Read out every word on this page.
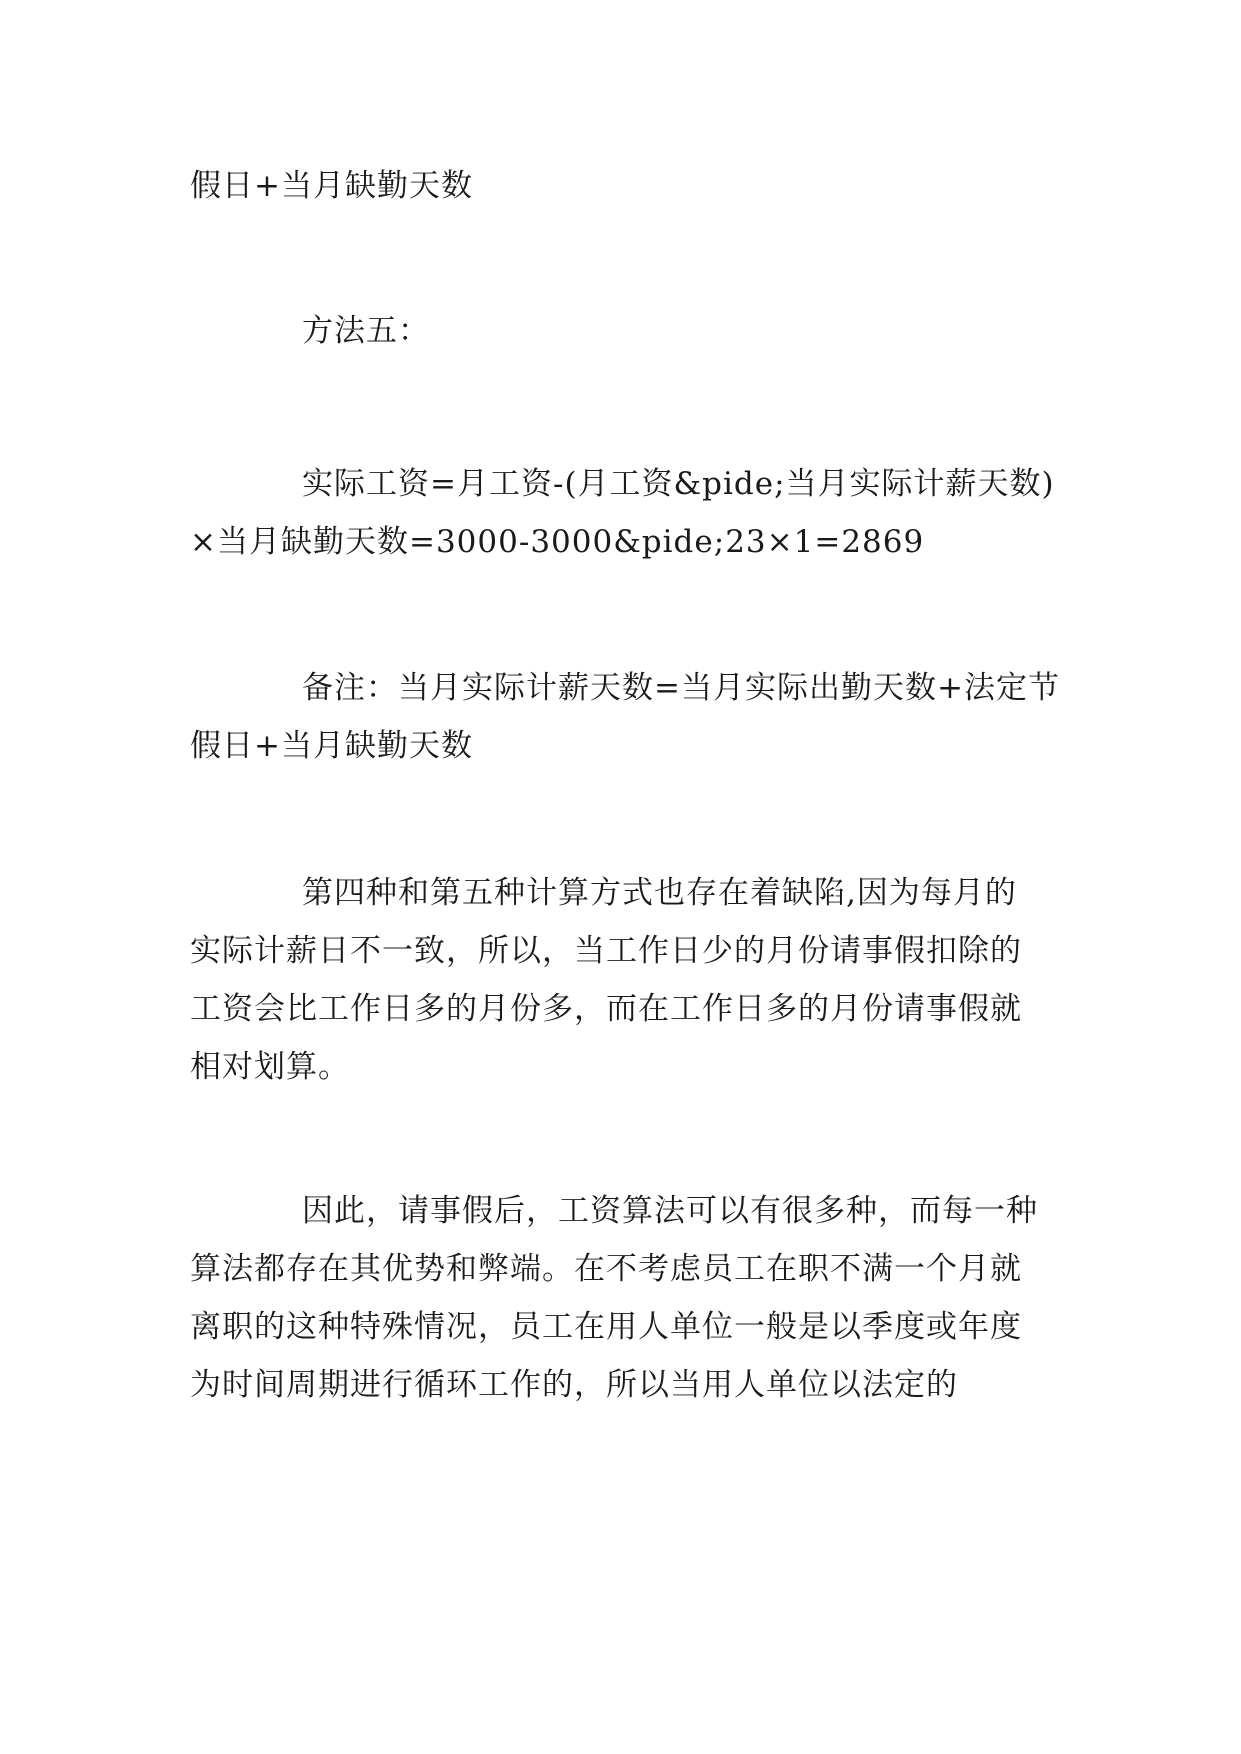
假日+当月缺勤天数
方法五：
实际工资=月工资-(月工资&pide;当月实际计薪天数)
×当月缺勤天数=3000-3000&pide;23×1=2869
备注：当月实际计薪天数=当月实际出勤天数+法定节
假日+当月缺勤天数
第四种和第五种计算方式也存在着缺陷,因为每月的
实际计薪日不一致，所以，当工作日少的月份请事假扣除的
工资会比工作日多的月份多，而在工作日多的月份请事假就
相对划算。
因此，请事假后，工资算法可以有很多种，而每一种
算法都存在其优势和弊端。在不考虑员工在职不满一个月就
离职的这种特殊情况，员工在用人单位一般是以季度或年度
为时间周期进行循环工作的，所以当用人单位以法定的
